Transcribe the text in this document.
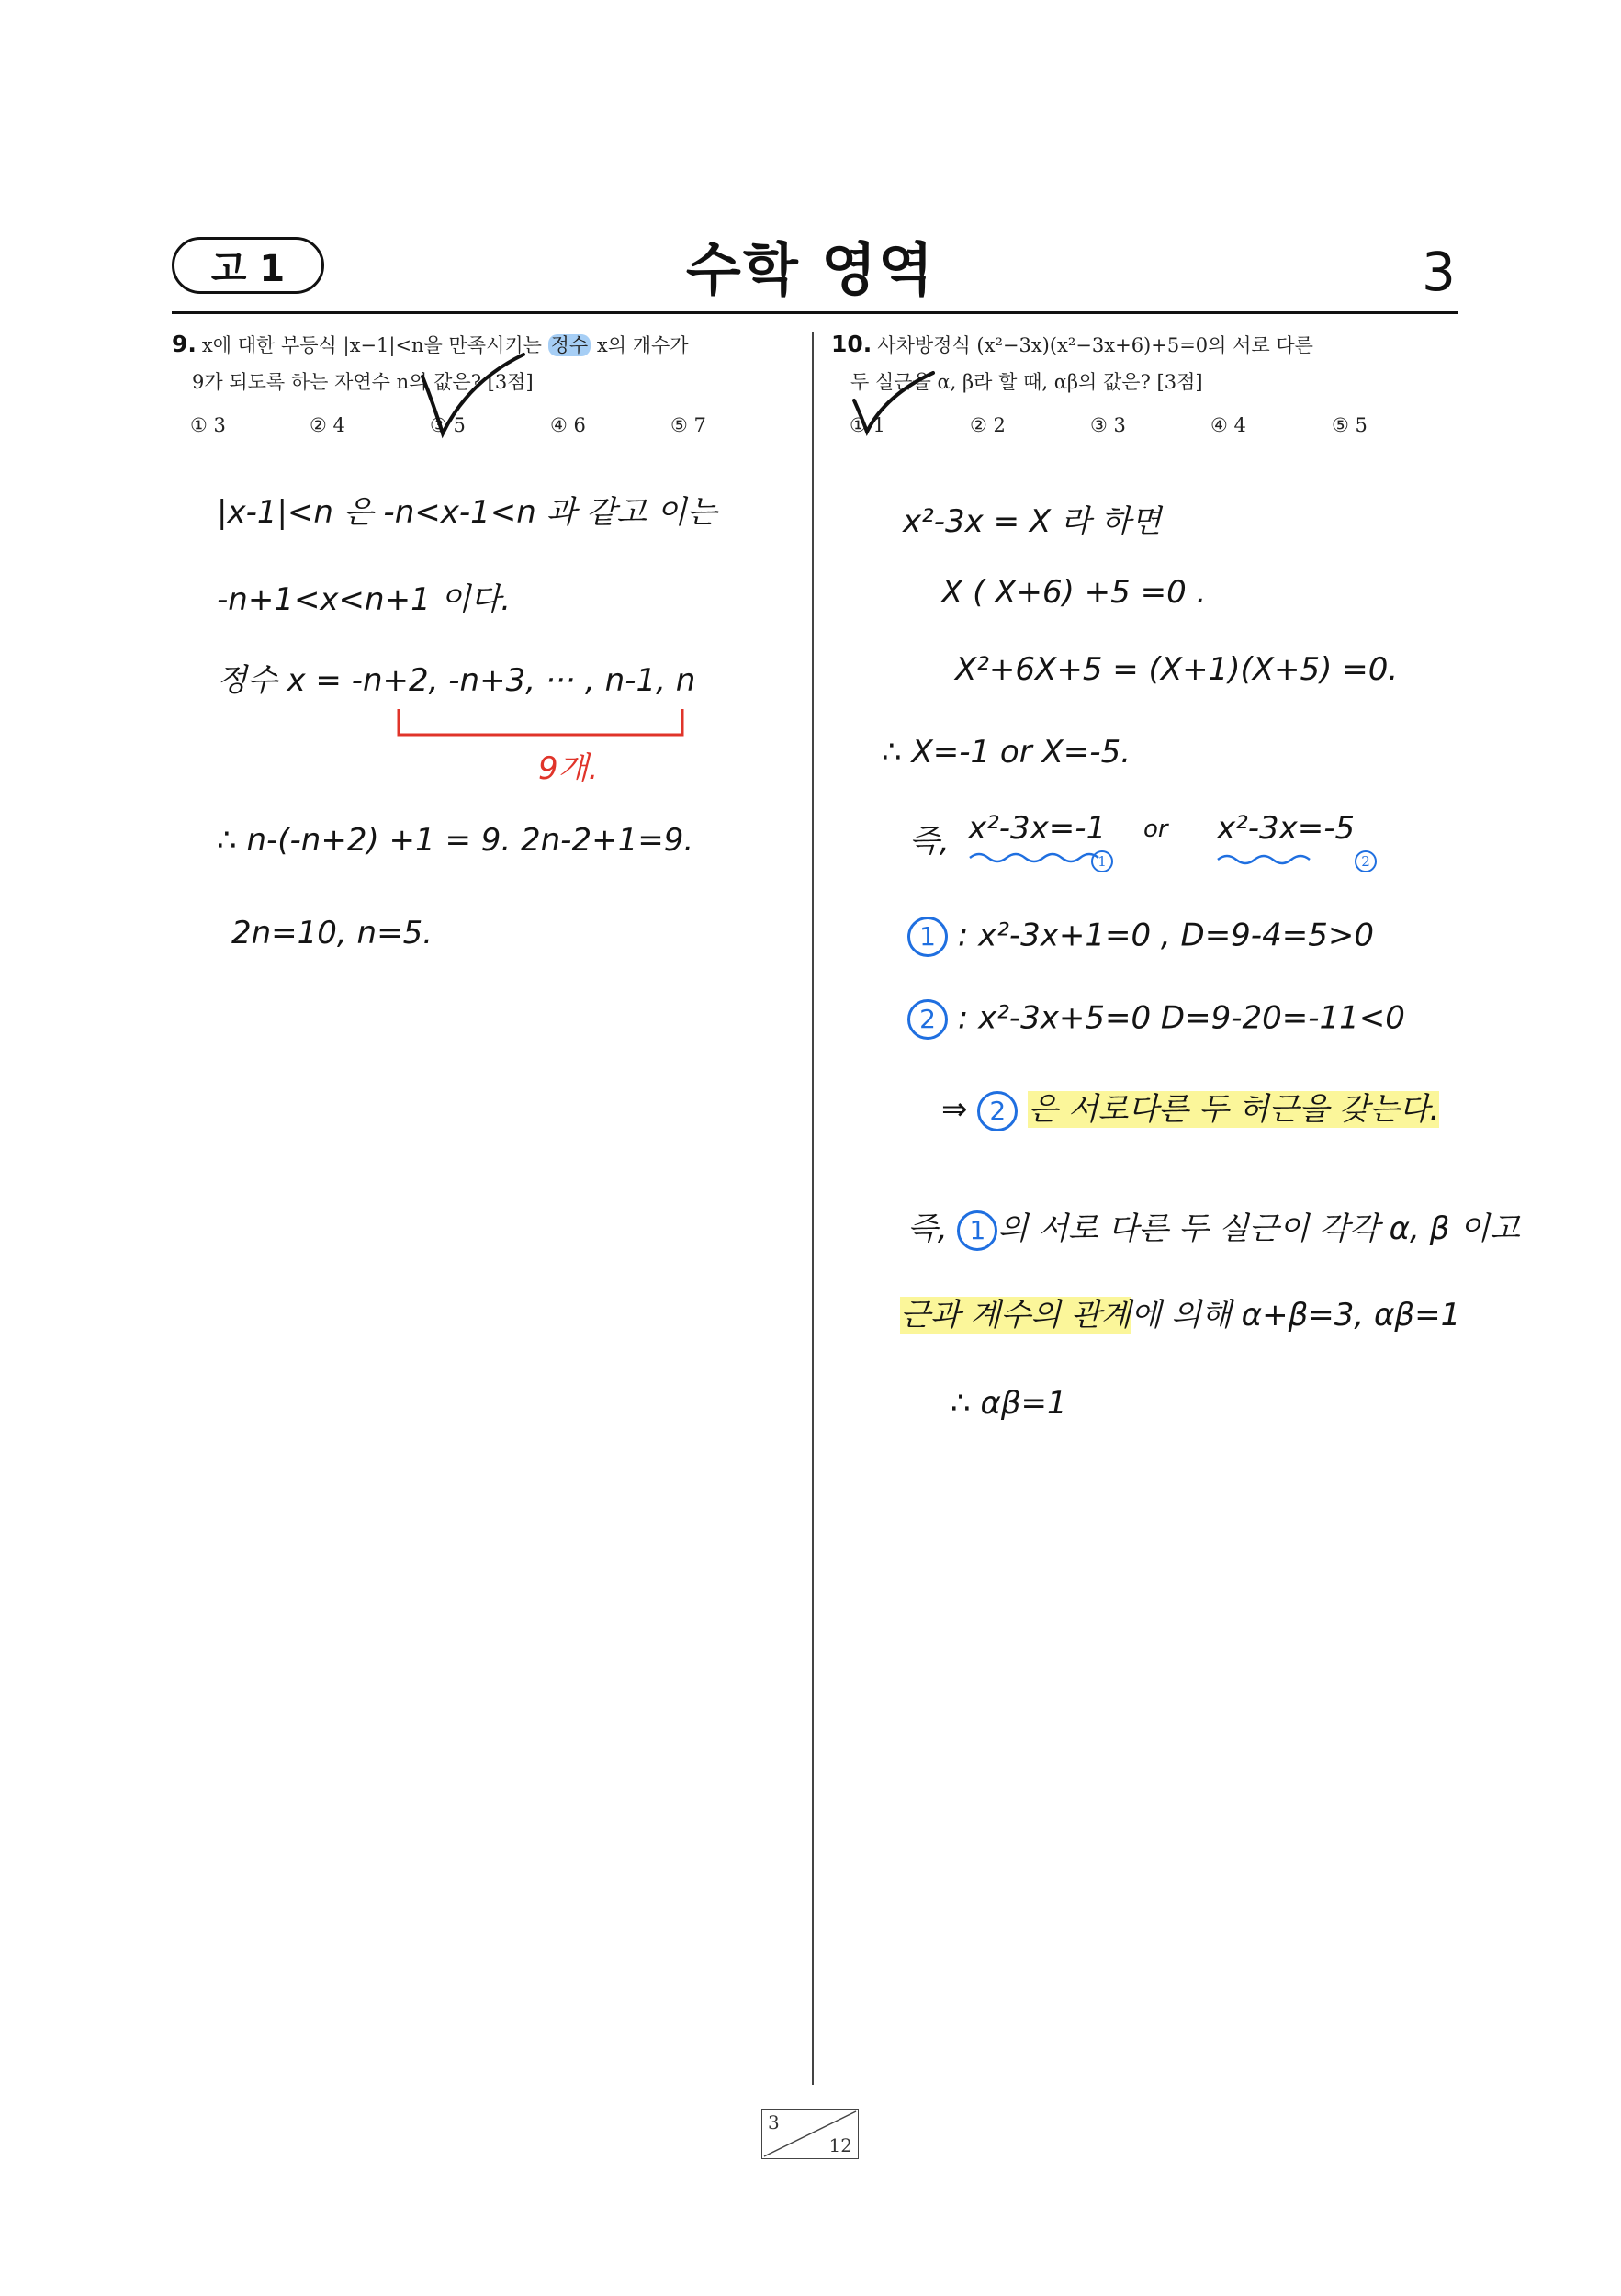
고 1	수학 영역	3
9. x에 대한 부등식 |x−1|<n을 만족시키는 정수 x의 개수가
9가 되도록 하는 자연수 n의 값은? [3점]
① 3	② 4	③ 5	④ 6	⑤ 7
|x-1|<n 은 -n<x-1<n 과 같고 이는
-n+1<x<n+1 이다.
정수 x = -n+2, -n+3, ··· , n-1, n
9개.
∴ n-(-n+2) +1 = 9. 2n-2+1=9.
2n=10, n=5.
10. 사차방정식 (x²−3x)(x²−3x+6)+5=0의 서로 다른
두 실근을 α, β라 할 때, αβ의 값은? [3점]
① 1	② 2	③ 3	④ 4	⑤ 5
x²-3x = X 라 하면
X ( X+6) +5 =0 .
X²+6X+5 = (X+1)(X+5) =0.
∴ X=-1 or X=-5.
즉, x²-3x=-1 or x²-3x=-5
1	2
1 : x²-3x+1=0 , D=9-4=5>0
2 : x²-3x+5=0 D=9-20=-11<0
⇒ 2 은 서로다른 두 허근을 갖는다.
즉, 1 의 서로 다른 두 실근이 각각 α, β 이고
근과 계수의 관계에 의해 α+β=3, αβ=1
∴ αβ=1
3
12
